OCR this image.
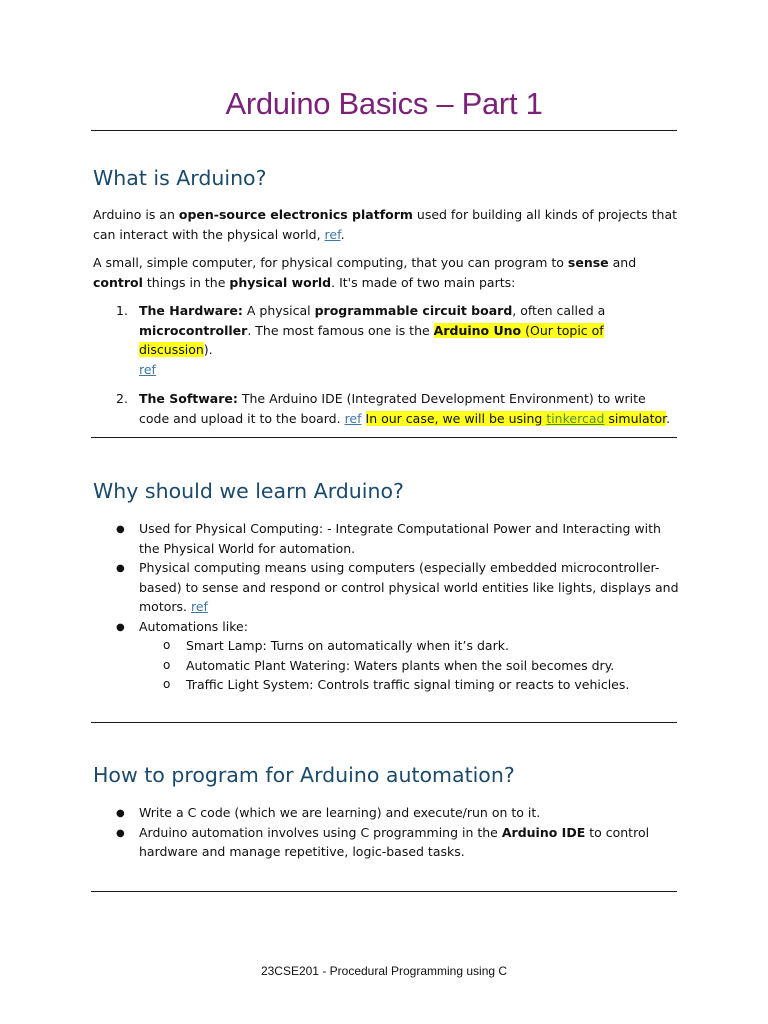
Arduino Basics – Part 1
What is Arduino?

Arduino is an open-source electronics platform used for building all kinds of projects that can interact with the physical world, ref.

A small, simple computer, for physical computing, that you can program to sense and control things in the physical world. It's made of two main parts:

1. The Hardware: A physical programmable circuit board, often called a microcontroller. The most famous one is the Arduino Uno (Our topic of discussion).
ref
2. The Software: The Arduino IDE (Integrated Development Environment) to write code and upload it to the board. ref In our case, we will be using tinkercad simulator.
Why should we learn Arduino?
● Used for Physical Computing: - Integrate Computational Power and Interacting with the Physical World for automation.
● Physical computing means using computers (especially embedded microcontroller-based) to sense and respond or control physical world entities like lights, displays and motors. ref
● Automations like:
o Smart Lamp: Turns on automatically when it’s dark.
o Automatic Plant Watering: Waters plants when the soil becomes dry.
o Traffic Light System: Controls traffic signal timing or reacts to vehicles.
How to program for Arduino automation?
● Write a C code (which we are learning) and execute/run on to it.
● Arduino automation involves using C programming in the Arduino IDE to control hardware and manage repetitive, logic-based tasks.

23CSE201 - Procedural Programming using C
